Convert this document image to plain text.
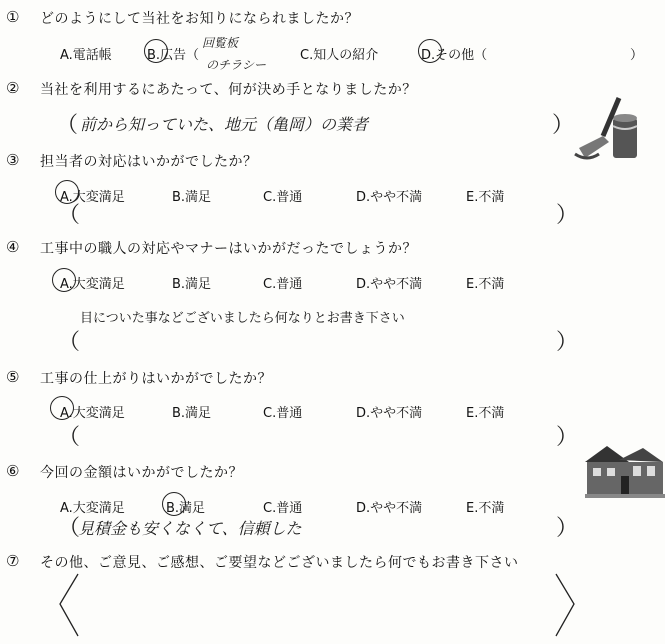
① どのようにして当社をお知りになられましたか？
A.電話帳	B.広告（
回覧板
のチラシー
C.知人の紹介	D.その他（	）
② 当社を利用するにあたって、何が決め手となりましたか？
（ 前から知っていた、地元（亀岡）の業者	）
③ 担当者の対応はいかがでしたか？
A.大変満足	B.満足	C.普通	D.やや不満	E.不満
（	）
④ 工事中の職人の対応やマナーはいかがだったでしょうか？
A.大変満足	B.満足	C.普通	D.やや不満	E.不満
目についた事などございましたら何なりとお書き下さい
（	）
⑤ 工事の仕上がりはいかがでしたか？
A.大変満足	B.満足	C.普通	D.やや不満	E.不満
（	）
⑥ 今回の金額はいかがでしたか？
A.大変満足	B.満足	C.普通	D.やや不満	E.不満
（
見積金も安くなくて、信頼した	）
⑦ その他、ご意見、ご感想、ご要望などございましたら何でもお書き下さい
